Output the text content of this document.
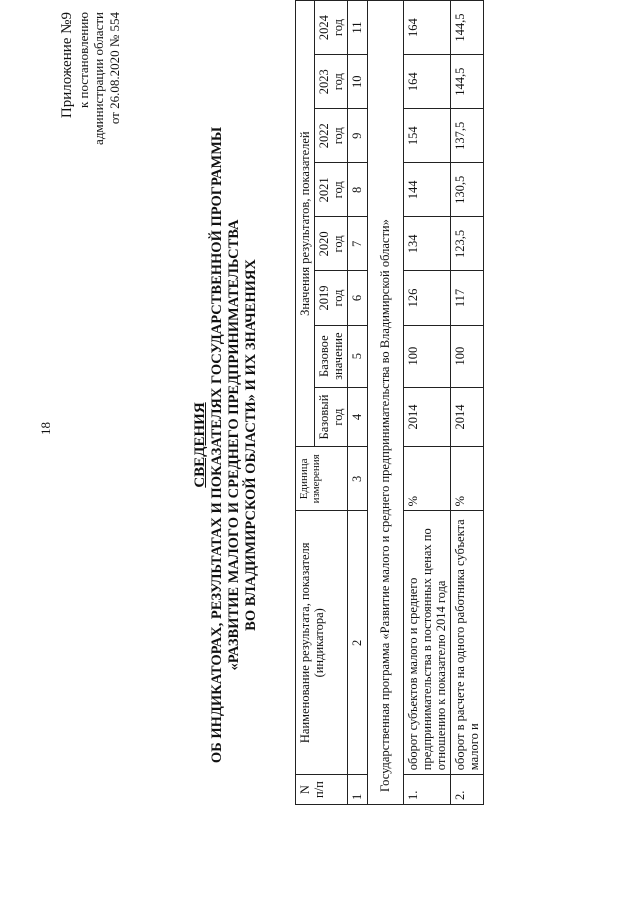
18
Приложение №9 к постановлению администрации области от 26.08.2020 № 554
СВЕДЕНИЯ ОБ ИНДИКАТОРАХ, РЕЗУЛЬТАТАХ И ПОКАЗАТЕЛЯХ ГОСУДАРСТВЕННОЙ ПРОГРАММЫ «РАЗВИТИЕ МАЛОГО И СРЕДНЕГО ПРЕДПРИНИМАТЕЛЬСТВА ВО ВЛАДИМИРСКОЙ ОБЛАСТИ» И ИХ ЗНАЧЕНИЯХ
N п/п	Наименование результата, показателя (индикатора)	Единица измерения	Значения результатов, показателей							
			Базовый год	Базовое значение	2019 год	2020 год	2021 год	2022 год	2023 год	2024 год
1	2	3	4	5	6	7	8	9	10	11
Государственная программа «Развитие малого и среднего предпринимательства во Владимирской области»										
1.	оборот субъектов малого и среднего предпринимательства в постоянных ценах по отношению к показателю 2014 года	%	2014	100	126	134	144	154	164	164
2.	оборот в расчете на одного работника субъекта малого и	%	2014	100	117	123,5	130,5	137,5	144,5	144,5
